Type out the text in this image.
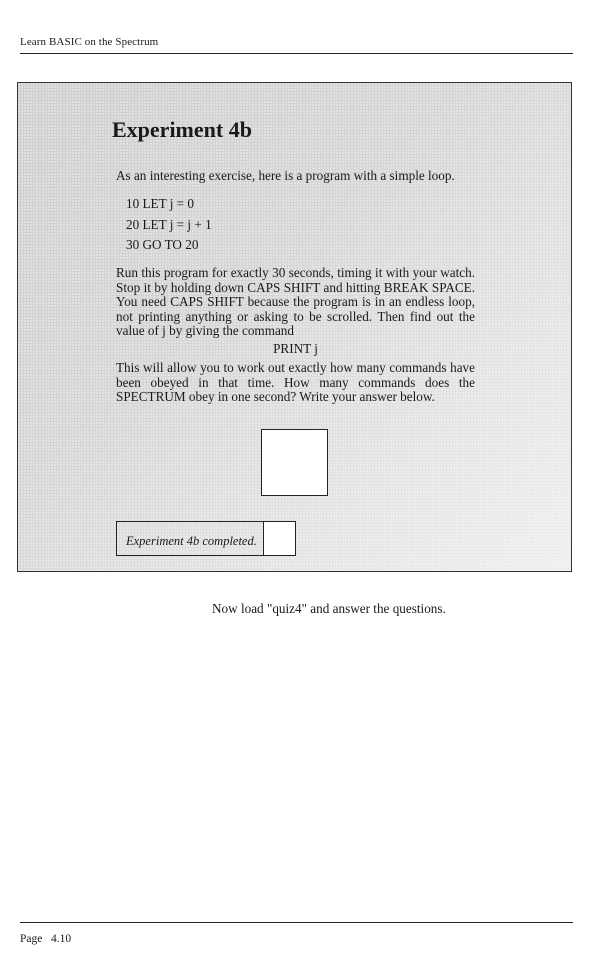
Learn BASIC on the Spectrum
Experiment 4b

As an interesting exercise, here is a program with a simple loop.

10 LET j = 0
20 LET j = j + 1
30 GO TO 20

Run this program for exactly 30 seconds, timing it with your watch. Stop it by holding down CAPS SHIFT and hitting BREAK SPACE. You need CAPS SHIFT because the program is in an endless loop, not printing anything or asking to be scrolled. Then find out the value of j by giving the command

PRINT j

This will allow you to work out exactly how many commands have been obeyed in that time. How many commands does the SPECTRUM obey in one second? Write your answer below.

Experiment 4b completed.
Now load "quiz4" and answer the questions.
Page   4.10
